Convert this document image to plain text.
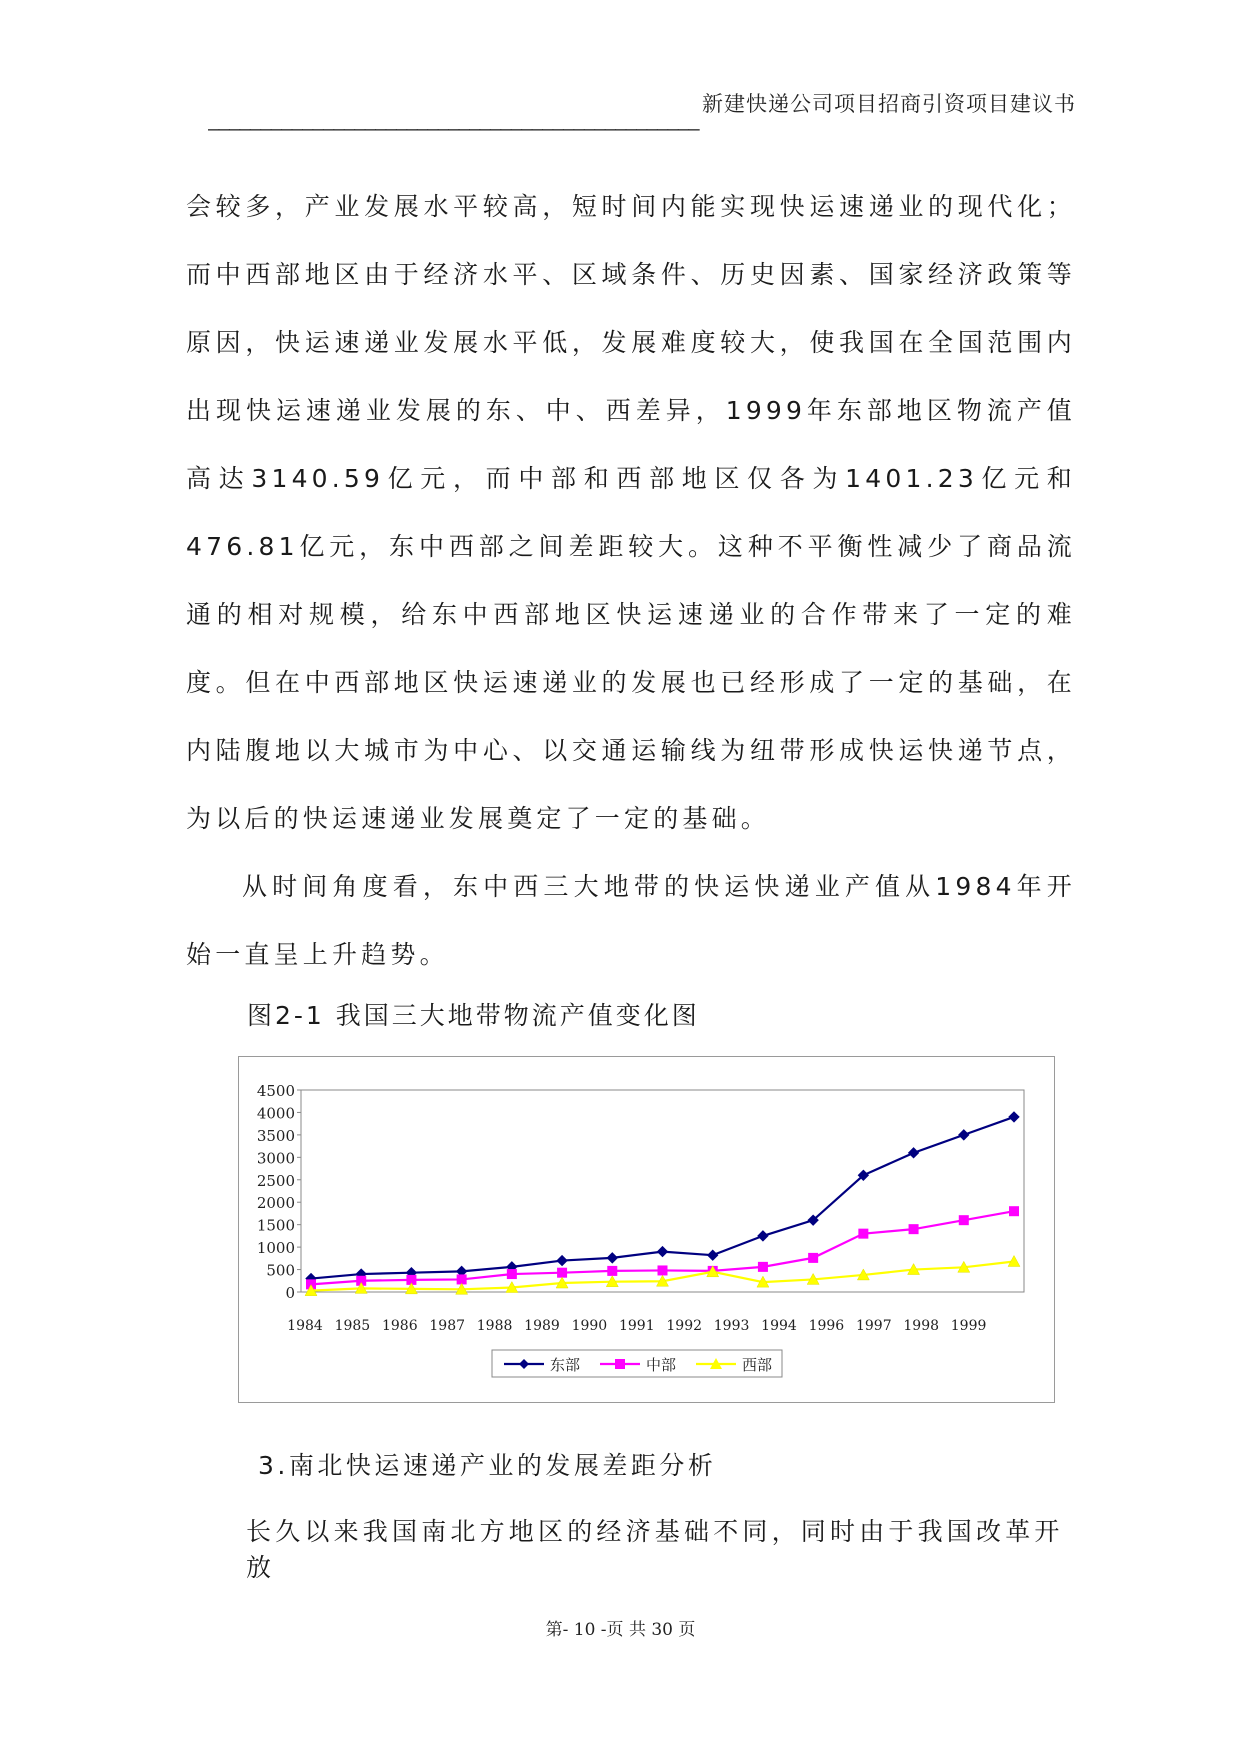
新建快递公司项目招商引资项目建议书
———————————————————————————————————————————————

会较多，产业发展水平较高，短时间内能实现快运速递业的现代化；而中西部地区由于经济水平、区域条件、历史因素、国家经济政策等原因，快运速递业发展水平低，发展难度较大，使我国在全国范围内出现快运速递业发展的东、中、西差异，1999年东部地区物流产值高达3140.59亿元，而中部和西部地区仅各为1401.23亿元和476.81亿元，东中西部之间差距较大。这种不平衡性减少了商品流通的相对规模，给东中西部地区快运速递业的合作带来了一定的难度。但在中西部地区快运速递业的发展也已经形成了一定的基础，在内陆腹地以大城市为中心、以交通运输线为纽带形成快运快递节点，为以后的快运速递业发展奠定了一定的基础。

从时间角度看，东中西三大地带的快运快递业产值从1984年开始一直呈上升趋势。

图2-1 我国三大地带物流产值变化图
0
500
1000
1500
2000
2500
3000
3500
4000
4500
1984 1985 1986 1987 1988 1989 1990 1991 1992 1993 1994 1996 1997 1998 1999
东部	中部	西部
3.南北快运速递产业的发展差距分析
长久以来我国南北方地区的经济基础不同，同时由于我国改革开放
第- 10 -页 共 30 页
